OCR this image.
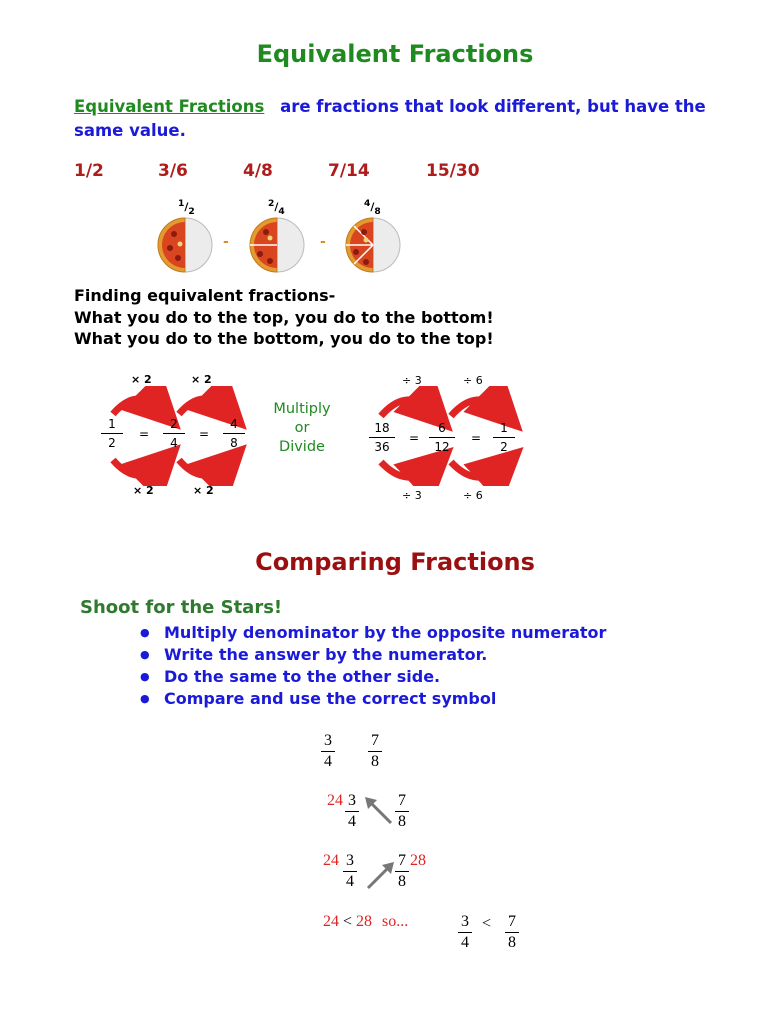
Equivalent Fractions
Equivalent Fractions are fractions that look different, but have the same value.
1/2	3/6	4/8	7/14	15/30
$^1/_2$
$^2/_4$
$^4/_8$
-	-
Finding equivalent fractions-
What you do to the top, you do to the bottom!
What you do to the bottom, you do to the top!
× 2	× 2
1
2
=
2
4
=
4
8
× 2	× 2
Multiply
or
Divide
÷ 3	÷ 6
18
36
=
6
12
=
1
2
÷ 3	÷ 6
Comparing Fractions
Shoot for the Stars!
● Multiply denominator by the opposite numerator
● Write the answer by the numerator.
● Do the same to the other side.
● Compare and use the correct symbol
3
4
7
8
24 3
4
7
8
24 3
4
7
8
28
24 < 28 so...	3
4
< 7
8
